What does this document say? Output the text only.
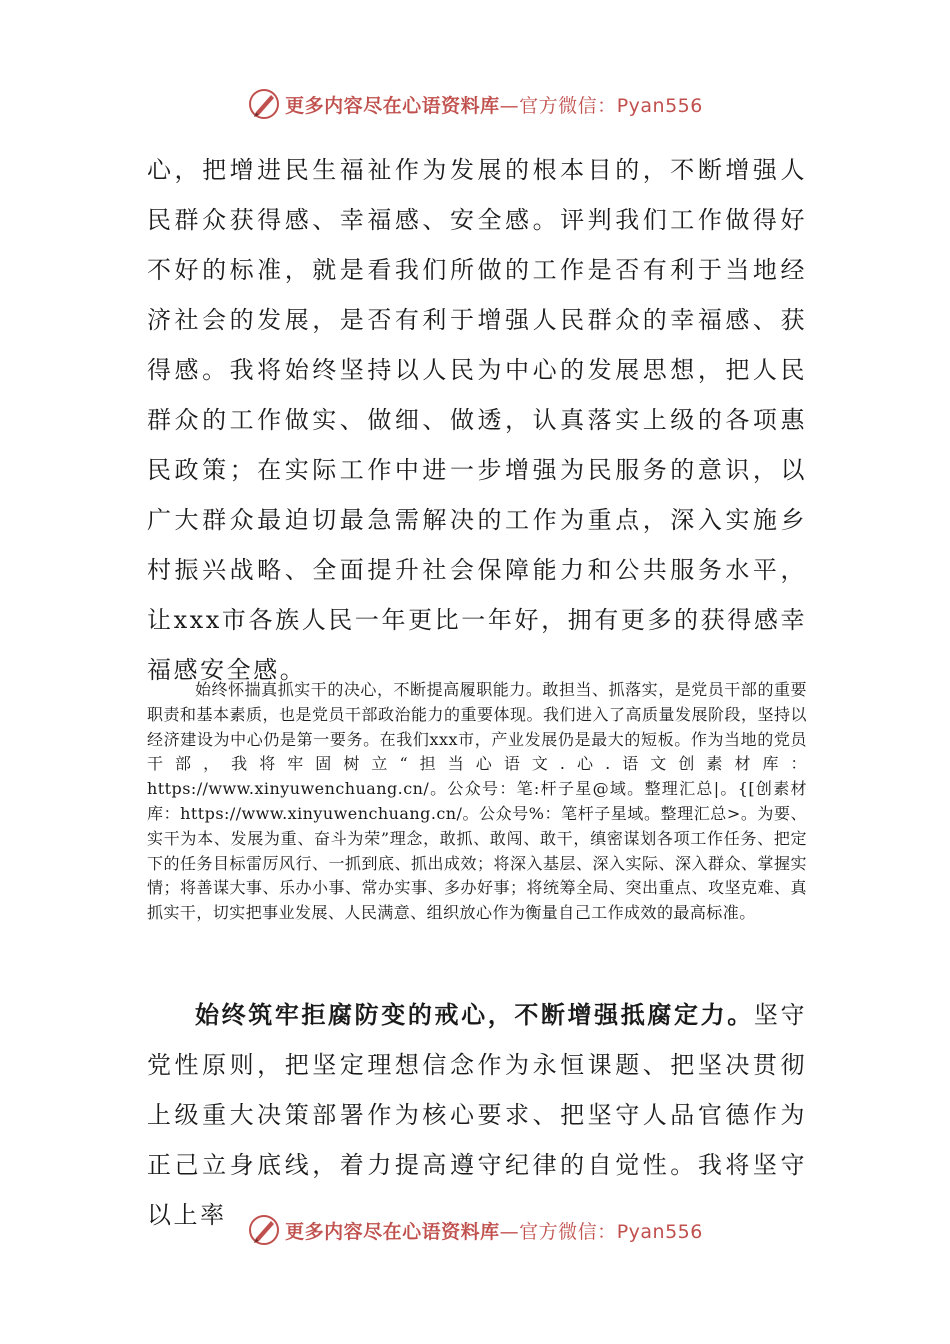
更多内容尽在心语资料库—官方微信：Pyan556

心，把增进民生福祉作为发展的根本目的，不断增强人民群众获得感、幸福感、安全感。评判我们工作做得好不好的标准，就是看我们所做的工作是否有利于当地经济社会的发展，是否有利于增强人民群众的幸福感、获得感。我将始终坚持以人民为中心的发展思想，把人民群众的工作做实、做细、做透，认真落实上级的各项惠民政策；在实际工作中进一步增强为民服务的意识，以广大群众最迫切最急需解决的工作为重点，深入实施乡村振兴战略、全面提升社会保障能力和公共服务水平，让xxx市各族人民一年更比一年好，拥有更多的获得感幸福感安全感。

始终怀揣真抓实干的决心，不断提高履职能力。敢担当、抓落实，是党员干部的重要职责和基本素质，也是党员干部政治能力的重要体现。我们进入了高质量发展阶段，坚持以经济建设为中心仍是第一要务。在我们xxx市，产业发展仍是最大的短板。作为当地的党员干部，我将牢固树立“担当心语文.心.语文创素材库：https://www.xinyuwenchuang.cn/。公众号：笔:杆子星@域。整理汇总|。{[创素材库：https://www.xinyuwenchuang.cn/。公众号%：笔杆子星域。整理汇总>。为要、实干为本、发展为重、奋斗为荣”理念，敢抓、敢闯、敢干，缜密谋划各项工作任务、把定下的任务目标雷厉风行、一抓到底、抓出成效；将深入基层、深入实际、深入群众、掌握实情；将善谋大事、乐办小事、常办实事、多办好事；将统筹全局、突出重点、攻坚克难、真抓实干，切实把事业发展、人民满意、组织放心作为衡量自己工作成效的最高标准。

始终筑牢拒腐防变的戒心，不断增强抵腐定力。坚守党性原则，把坚定理想信念作为永恒课题、把坚决贯彻上级重大决策部署作为核心要求、把坚守人品官德作为正己立身底线，着力提高遵守纪律的自觉性。我将坚守以上率

更多内容尽在心语资料库—官方微信：Pyan556
